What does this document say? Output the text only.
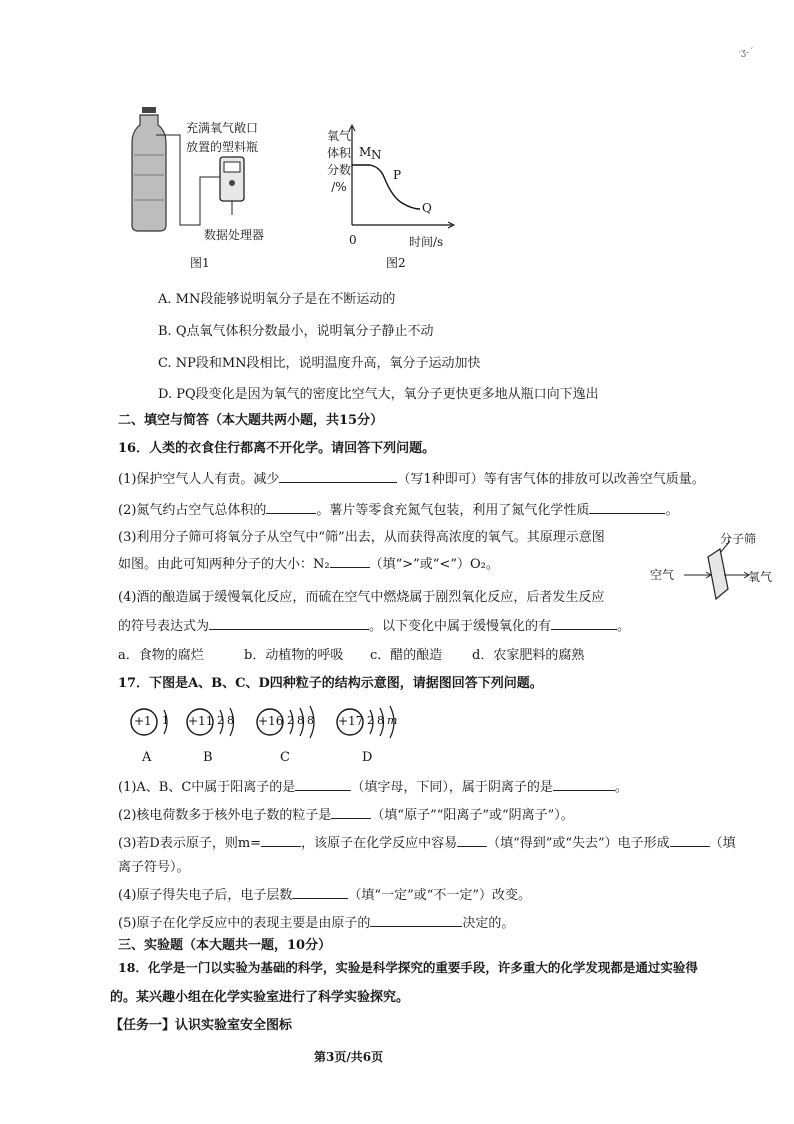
·ʒ-ˊ
充满氧气敞口
放置的塑料瓶
数据处理器
图1
氧气
体积
分数
/%
M N
P
Q
0	时间/s
图2
A. MN段能够说明氧分子是在不断运动的
B. Q点氧气体积分数最小，说明氧分子静止不动
C. NP段和MN段相比，说明温度升高，氧分子运动加快
D. PQ段变化是因为氧气的密度比空气大，氧分子更快更多地从瓶口向下逸出
二、填空与简答（本大题共两小题，共15分）
16．人类的衣食住行都离不开化学。请回答下列问题。
(1)保护空气人人有责。减少	（写1种即可）等有害气体的排放可以改善空气质量。
(2)氮气约占空气总体积的	。薯片等零食充氮气包装，利用了氮气化学性质	。
(3)利用分子筛可将氧分子从空气中“筛”出去，从而获得高浓度的氧气。其原理示意图
如图。由此可知两种分子的大小：N₂	（填“>”或“<”）O₂。
分子筛
空气	氧气
(4)酒的酿造属于缓慢氧化反应，而硫在空气中燃烧属于剧烈氧化反应，后者发生反应
的符号表达式为	。以下变化中属于缓慢氧化的有	。
a．食物的腐烂	b．动植物的呼吸 c．醋的酿造 d．农家肥料的腐熟
17．下图是A、B、C、D四种粒子的结构示意图，请据图回答下列问题。
+1 1
A
+11 2 8
B
+16 2 8 8
C
+17 2 8 m
D
(1)A、B、C中属于阳离子的是	（填字母，下同），属于阴离子的是	。
(2)核电荷数多于核外电子数的粒子是	（填“原子”“阳离子”或“阴离子”）。
(3)若D表示原子，则m=	，该原子在化学反应中容易 （填“得到”或“失去”）电子形成	（填
离子符号）。
(4)原子得失电子后，电子层数	（填“一定”或“不一定”）改变。
(5)原子在化学反应中的表现主要是由原子的	决定的。
三、实验题（本大题共一题，10分）
18．化学是一门以实验为基础的科学，实验是科学探究的重要手段，许多重大的化学发现都是通过实验得
的。某兴趣小组在化学实验室进行了科学实验探究。
【任务一】认识实验室安全图标
第3页/共6页
